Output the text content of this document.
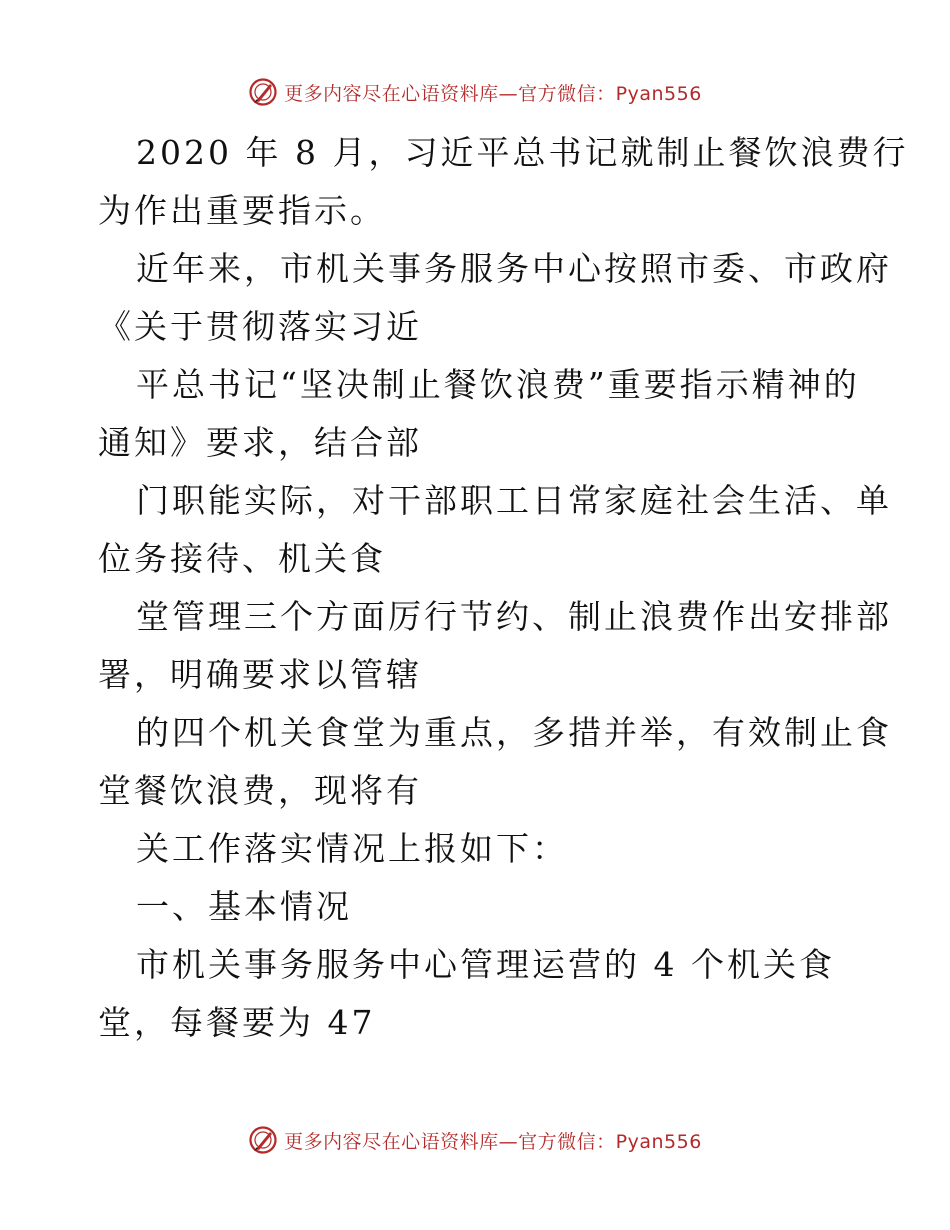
更多内容尽在心语资料库—官方微信：Pyan556
2020 年 8 月，习近平总书记就制止餐饮浪费行
为作出重要指示。
近年来，市机关事务服务中心按照市委、市政府
《关于贯彻落实习近
平总书记“坚决制止餐饮浪费”重要指示精神的
通知》要求，结合部
门职能实际，对干部职工日常家庭社会生活、单
位务接待、机关食
堂管理三个方面厉行节约、制止浪费作出安排部
署，明确要求以管辖
的四个机关食堂为重点，多措并举，有效制止食
堂餐饮浪费，现将有
关工作落实情况上报如下：
一、基本情况
市机关事务服务中心管理运营的 4 个机关食
堂，每餐要为 47
更多内容尽在心语资料库—官方微信：Pyan556
